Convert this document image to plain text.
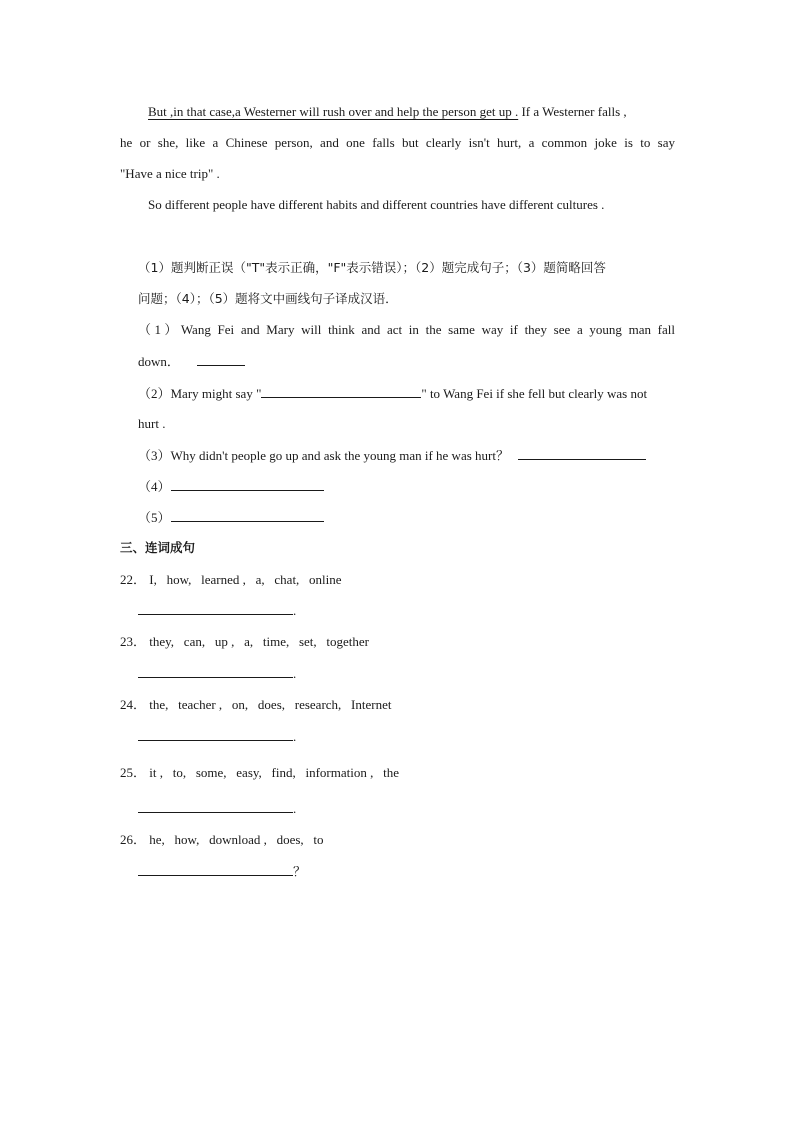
But ,in that case,a Westerner will rush over and help the person get up . If a Westerner falls ,
he or she, like a Chinese person, and one falls but clearly isn't hurt, a common joke is to say
"Have a nice trip" .
So different people have different habits and different countries have different cultures .
（1）题判断正误（"T"表示正确，"F"表示错误）；（2）题完成句子；（3）题简略回答
问题；（4）；（5）题将文中画线句子译成汉语．
（1）Wang Fei and Mary will think and act in the same way if they see a young man fall
down．
（2）Mary might say "	" to Wang Fei if she fell but clearly was not
hurt .
（3）Why didn't people go up and ask the young man if he was hurt？
（4）
（5）
三、连词成句
22． I,   how,   learned ,   a,   chat,   online
.
23． they,   can,   up ,   a,   time,   set,   together
.
24． the,   teacher ,   on,   does,   research,   Internet
.
25． it ,   to,   some,   easy,   find,   information ,   the
.
26． he,   how,   download ,   does,   to
？
